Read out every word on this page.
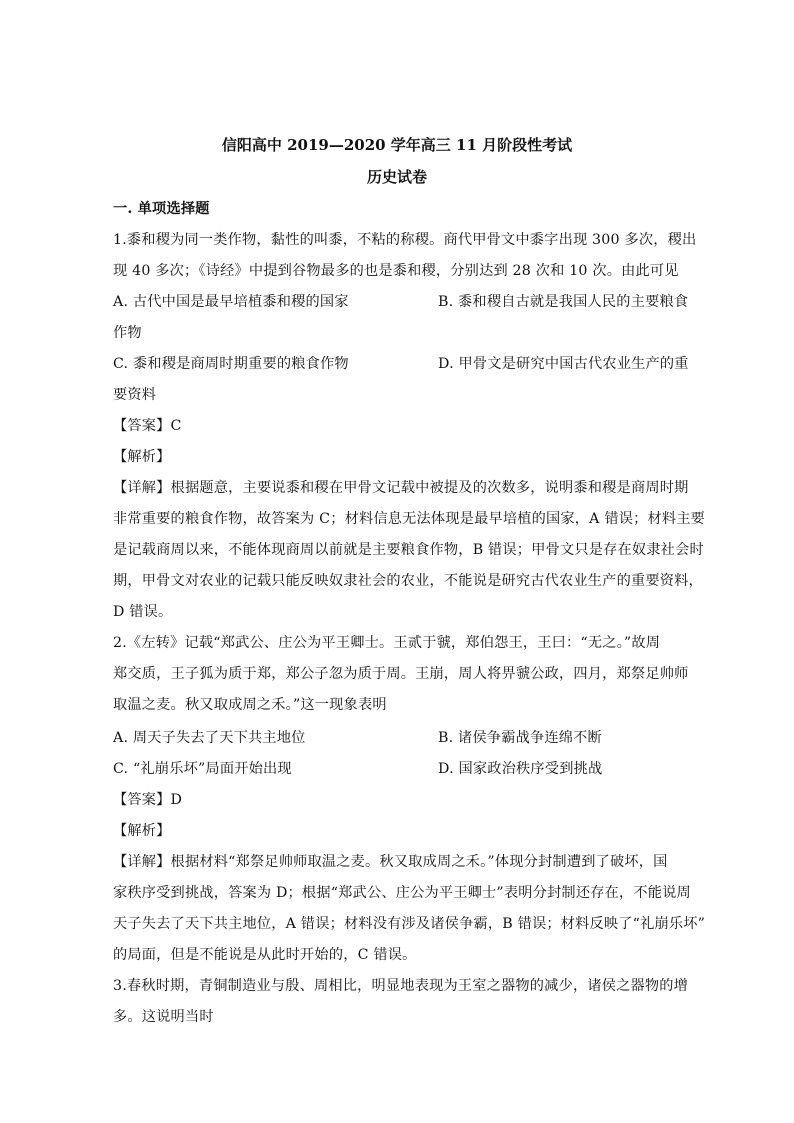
信阳高中 2019—2020 学年高三 11 月阶段性考试
历史试卷
一. 单项选择题
1.黍和稷为同一类作物，黏性的叫黍，不粘的称稷。商代甲骨文中黍字出现 300 多次，稷出
现 40 多次；《诗经》中提到谷物最多的也是黍和稷，分别达到 28 次和 10 次。由此可见
A. 古代中国是最早培植黍和稷的国家	B. 黍和稷自古就是我国人民的主要粮食
作物
C. 黍和稷是商周时期重要的粮食作物	D. 甲骨文是研究中国古代农业生产的重
要资料
【答案】C
【解析】
【详解】根据题意，主要说黍和稷在甲骨文记载中被提及的次数多，说明黍和稷是商周时期
非常重要的粮食作物，故答案为 C；材料信息无法体现是最早培植的国家，A 错误；材料主要
是记载商周以来，不能体现商周以前就是主要粮食作物，B 错误；甲骨文只是存在奴隶社会时
期，甲骨文对农业的记载只能反映奴隶社会的农业，不能说是研究古代农业生产的重要资料，
D 错误。
2.《左转》记载“郑武公、庄公为平王卿士。王贰于虢，郑伯怨王，王曰：“无之。”故周
郑交质，王子狐为质于郑，郑公子忽为质于周。王崩，周人将畀虢公政，四月，郑祭足帅师
取温之麦。秋又取成周之禾。”这一现象表明
A. 周天子失去了天下共主地位	B. 诸侯争霸战争连绵不断
C. “礼崩乐坏”局面开始出现	D. 国家政治秩序受到挑战
【答案】D
【解析】
【详解】根据材料“郑祭足帅师取温之麦。秋又取成周之禾。”体现分封制遭到了破坏，国
家秩序受到挑战，答案为 D；根据“郑武公、庄公为平王卿士”表明分封制还存在，不能说周
天子失去了天下共主地位，A 错误；材料没有涉及诸侯争霸，B 错误；材料反映了“礼崩乐坏”
的局面，但是不能说是从此时开始的，C 错误。
3.春秋时期，青铜制造业与殷、周相比，明显地表现为王室之器物的减少，诸侯之器物的增
多。这说明当时
